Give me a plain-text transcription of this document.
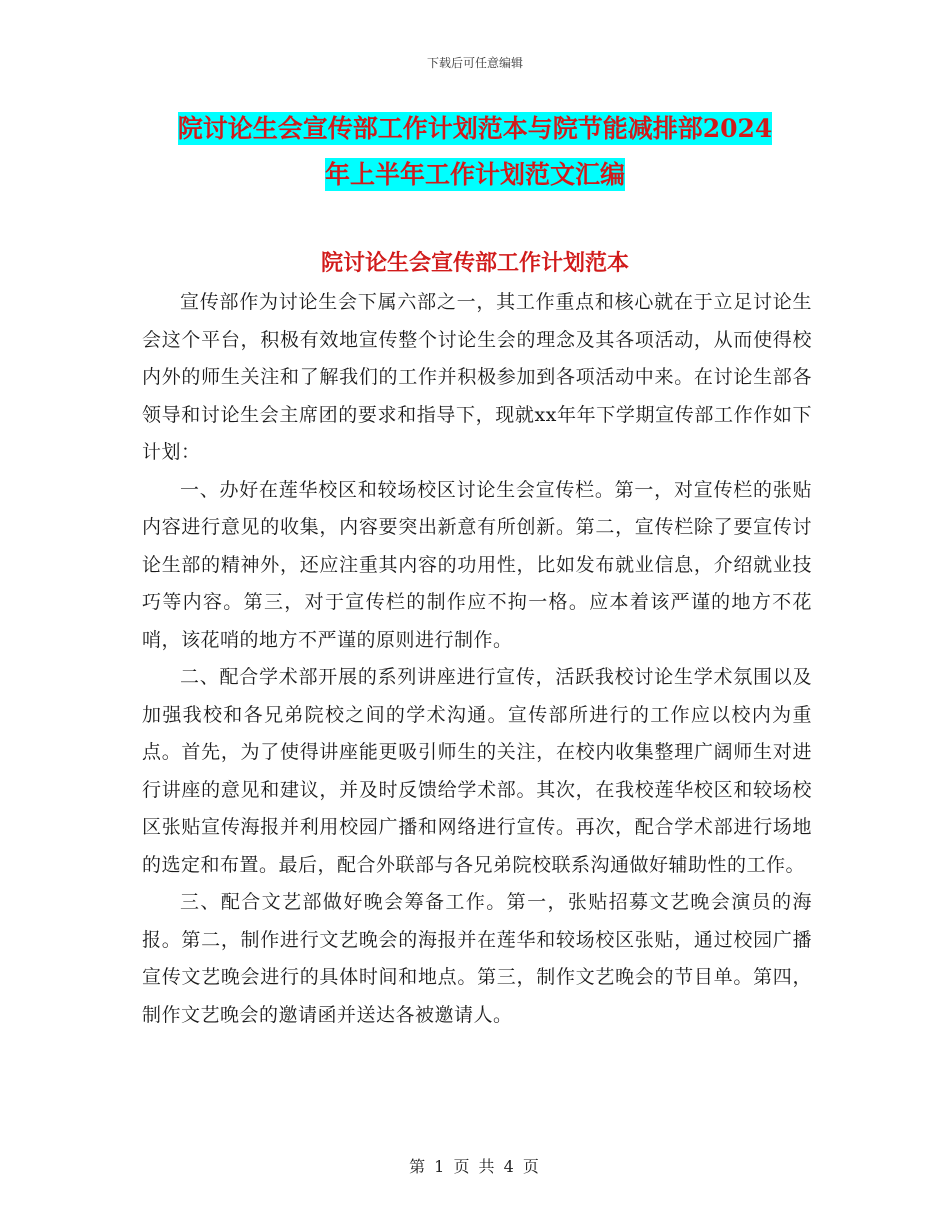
下载后可任意编辑
院讨论生会宣传部工作计划范本与院节能减排部2024
年上半年工作计划范文汇编
院讨论生会宣传部工作计划范本

宣传部作为讨论生会下属六部之一，其工作重点和核心就在于立足讨论生会这个平台，积极有效地宣传整个讨论生会的理念及其各项活动，从而使得校内外的师生关注和了解我们的工作并积极参加到各项活动中来。在讨论生部各领导和讨论生会主席团的要求和指导下，现就xx年年下学期宣传部工作作如下计划：

一、办好在莲华校区和较场校区讨论生会宣传栏。第一，对宣传栏的张贴内容进行意见的收集，内容要突出新意有所创新。第二，宣传栏除了要宣传讨论生部的精神外，还应注重其内容的功用性，比如发布就业信息，介绍就业技巧等内容。第三，对于宣传栏的制作应不拘一格。应本着该严谨的地方不花哨，该花哨的地方不严谨的原则进行制作。

二、配合学术部开展的系列讲座进行宣传，活跃我校讨论生学术氛围以及加强我校和各兄弟院校之间的学术沟通。宣传部所进行的工作应以校内为重点。首先，为了使得讲座能更吸引师生的关注，在校内收集整理广阔师生对进行讲座的意见和建议，并及时反馈给学术部。其次，在我校莲华校区和较场校区张贴宣传海报并利用校园广播和网络进行宣传。再次，配合学术部进行场地的选定和布置。最后，配合外联部与各兄弟院校联系沟通做好辅助性的工作。

三、配合文艺部做好晚会筹备工作。第一，张贴招募文艺晚会演员的海报。第二，制作进行文艺晚会的海报并在莲华和较场校区张贴，通过校园广播宣传文艺晚会进行的具体时间和地点。第三，制作文艺晚会的节目单。第四，制作文艺晚会的邀请函并送达各被邀请人。

第 1 页 共 4 页
